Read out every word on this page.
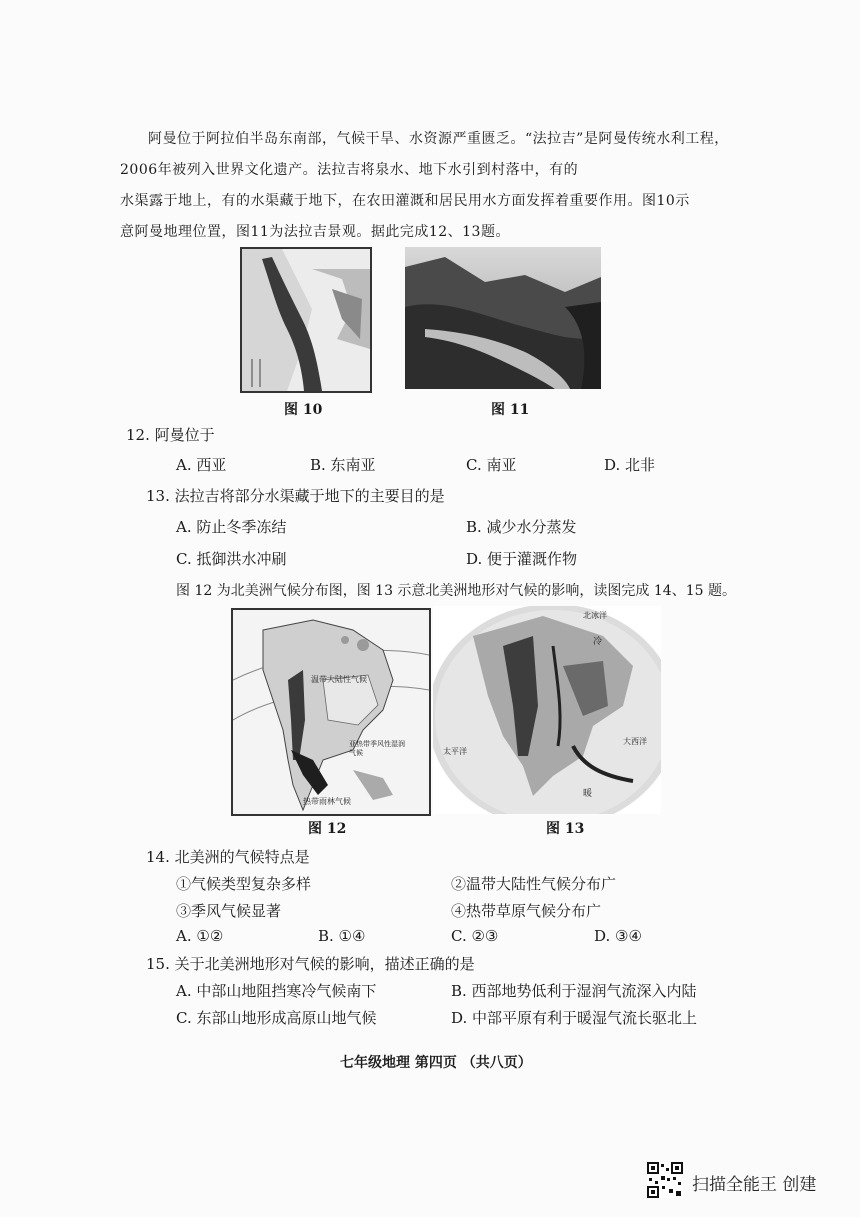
阿曼位于阿拉伯半岛东南部，气候干旱、水资源严重匮乏。“法拉吉”是阿曼传统水利工程，
2006年被列入世界文化遗产。法拉吉将泉水、地下水引到村落中，有的
水渠露于地上，有的水渠藏于地下，在农田灌溉和居民用水方面发挥着重要作用。图10示
意阿曼地理位置，图11为法拉吉景观。据此完成12、13题。
图 10	图 11
12. 阿曼位于
A. 西亚	B. 东南亚	C. 南亚	D. 北非
13. 法拉吉将部分水渠藏于地下的主要目的是
A. 防止冬季冻结	B. 减少水分蒸发
C. 抵御洪水冲刷	D. 便于灌溉作物
图 12 为北美洲气候分布图，图 13 示意北美洲地形对气候的影响，读图完成 14、15 题。
温带大陆性气候
亚热带季风性湿润气候
热带雨林气候
图 12
北冰洋
太平洋
大西洋
冷
暖
图 13
14. 北美洲的气候特点是
①气候类型复杂多样	②温带大陆性气候分布广
③季风气候显著	④热带草原气候分布广
A. ①②	B. ①④	C. ②③	D. ③④
15. 关于北美洲地形对气候的影响，描述正确的是
A. 中部山地阻挡寒冷气候南下	B. 西部地势低利于湿润气流深入内陆
C. 东部山地形成高原山地气候	D. 中部平原有利于暖湿气流长驱北上
七年级地理 第四页 （共八页）
扫描全能王 创建
